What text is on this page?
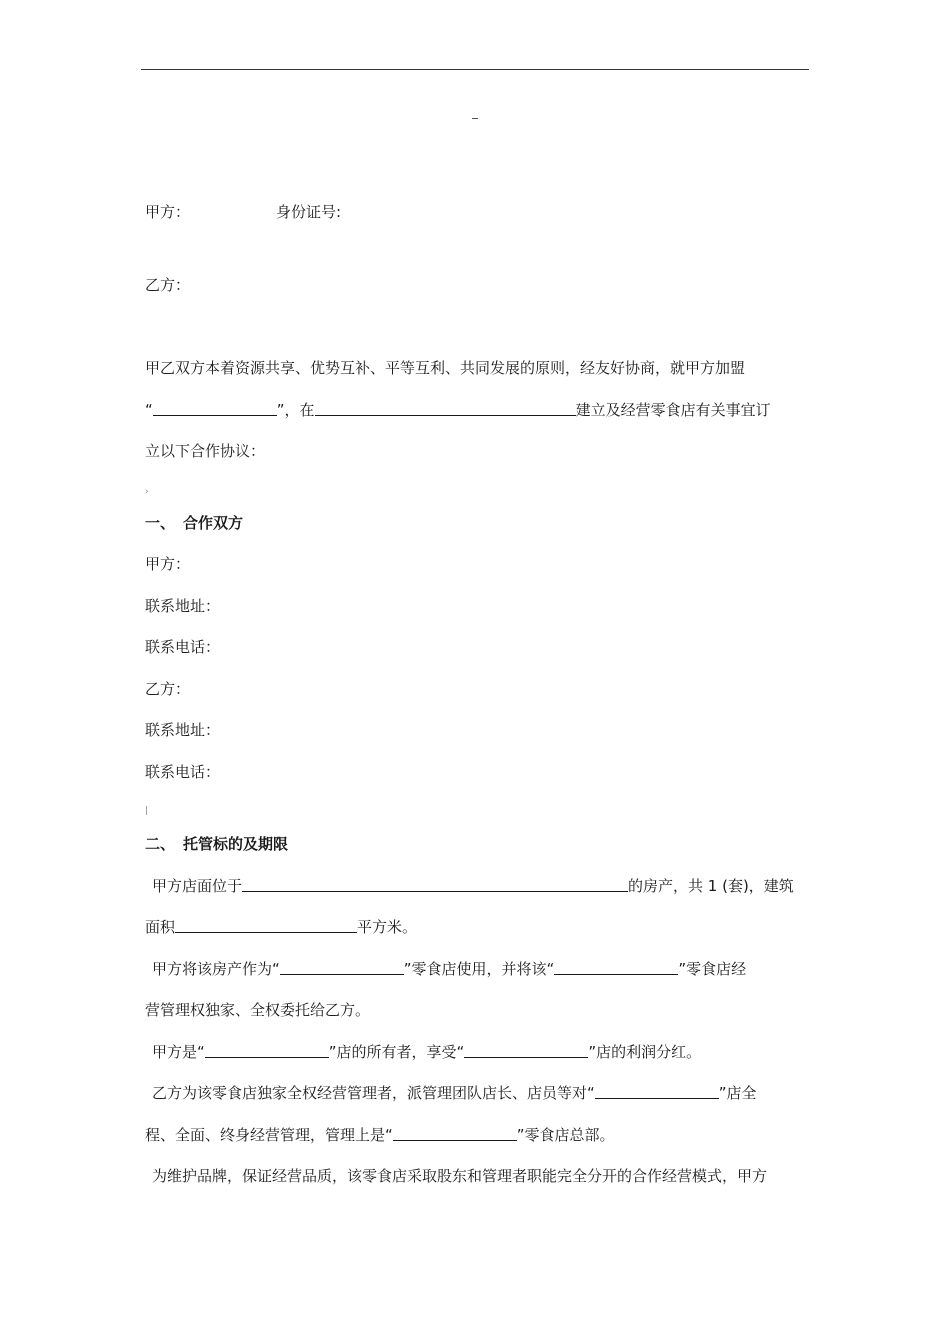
甲方：	身份证号:
乙方：
甲乙双方本着资源共享、优势互补、平等互利、共同发展的原则，经友好协商，就甲方加盟
“	”，在	建立及经营零食店有关事宜订
立以下合作协议：
›
一、 合作双方
甲方：
联系地址：
联系电话：
乙方：
联系地址：
联系电话：
|
二、 托管标的及期限
甲方店面位于	的房产，共 1 (套)，建筑
面积	平方米。
甲方将该房产作为“	”零食店使用，并将该“	”零食店经
营管理权独家、全权委托给乙方。
甲方是“	”店的所有者，享受“	”店的利润分红。
乙方为该零食店独家全权经营管理者，派管理团队店长、店员等对“	”店全
程、全面、终身经营管理，管理上是“	”零食店总部。
为维护品牌，保证经营品质，该零食店采取股东和管理者职能完全分开的合作经营模式，甲方
